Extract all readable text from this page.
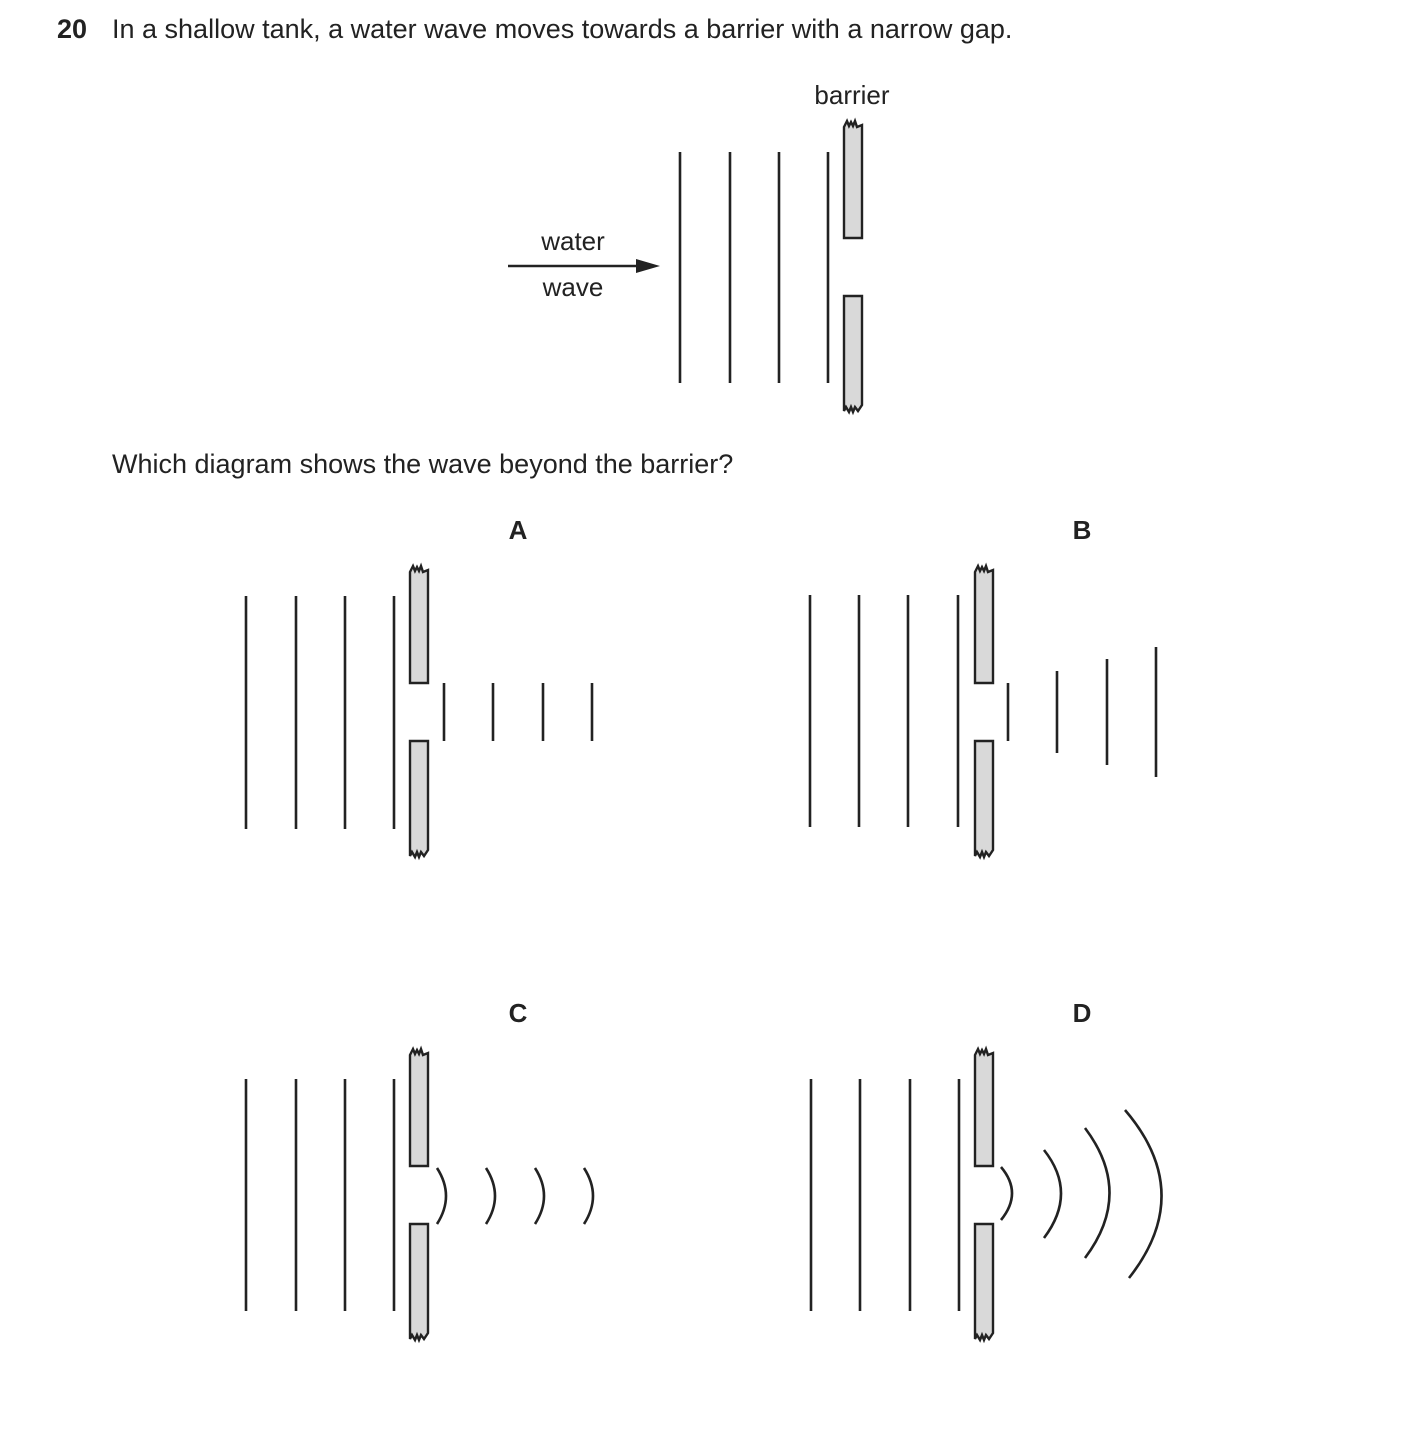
20 In a shallow tank, a water wave moves towards a barrier with a narrow gap.
Which diagram shows the wave beyond the barrier?
barrier
water
wave
A	B
C	D
